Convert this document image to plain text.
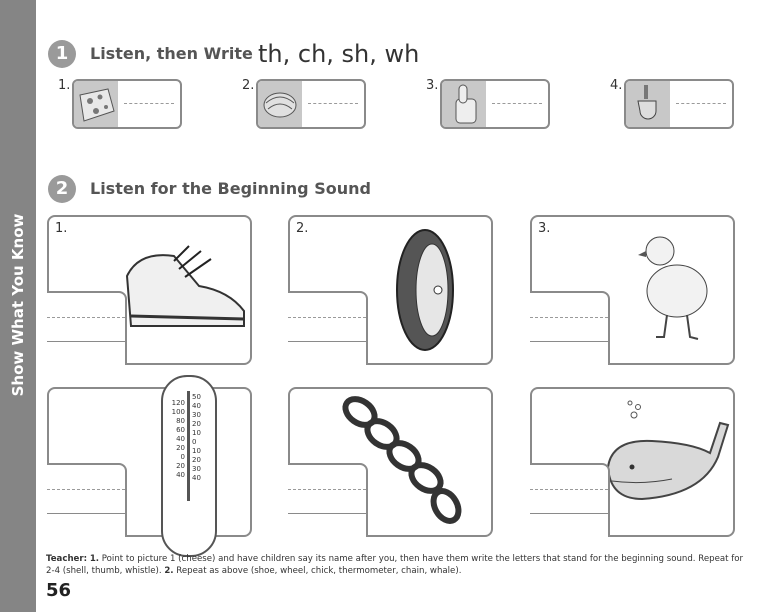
Show What You Know
1	Listen, then Write th, ch, sh, wh
1.	2.	3.	4.
2	Listen for the Beginning Sound
1.	2.	3.
120
100
80
60
40
20
0
20
40
50
40
30
20
10
0
10
20
30
40
Teacher: 1. Point to picture 1 (cheese) and have children say its name after you, then have them write the letters that stand for the beginning sound. Repeat for 2-4 (shell, thumb, whistle). 2. Repeat as above (shoe, wheel, chick, thermometer, chain, whale).
56
